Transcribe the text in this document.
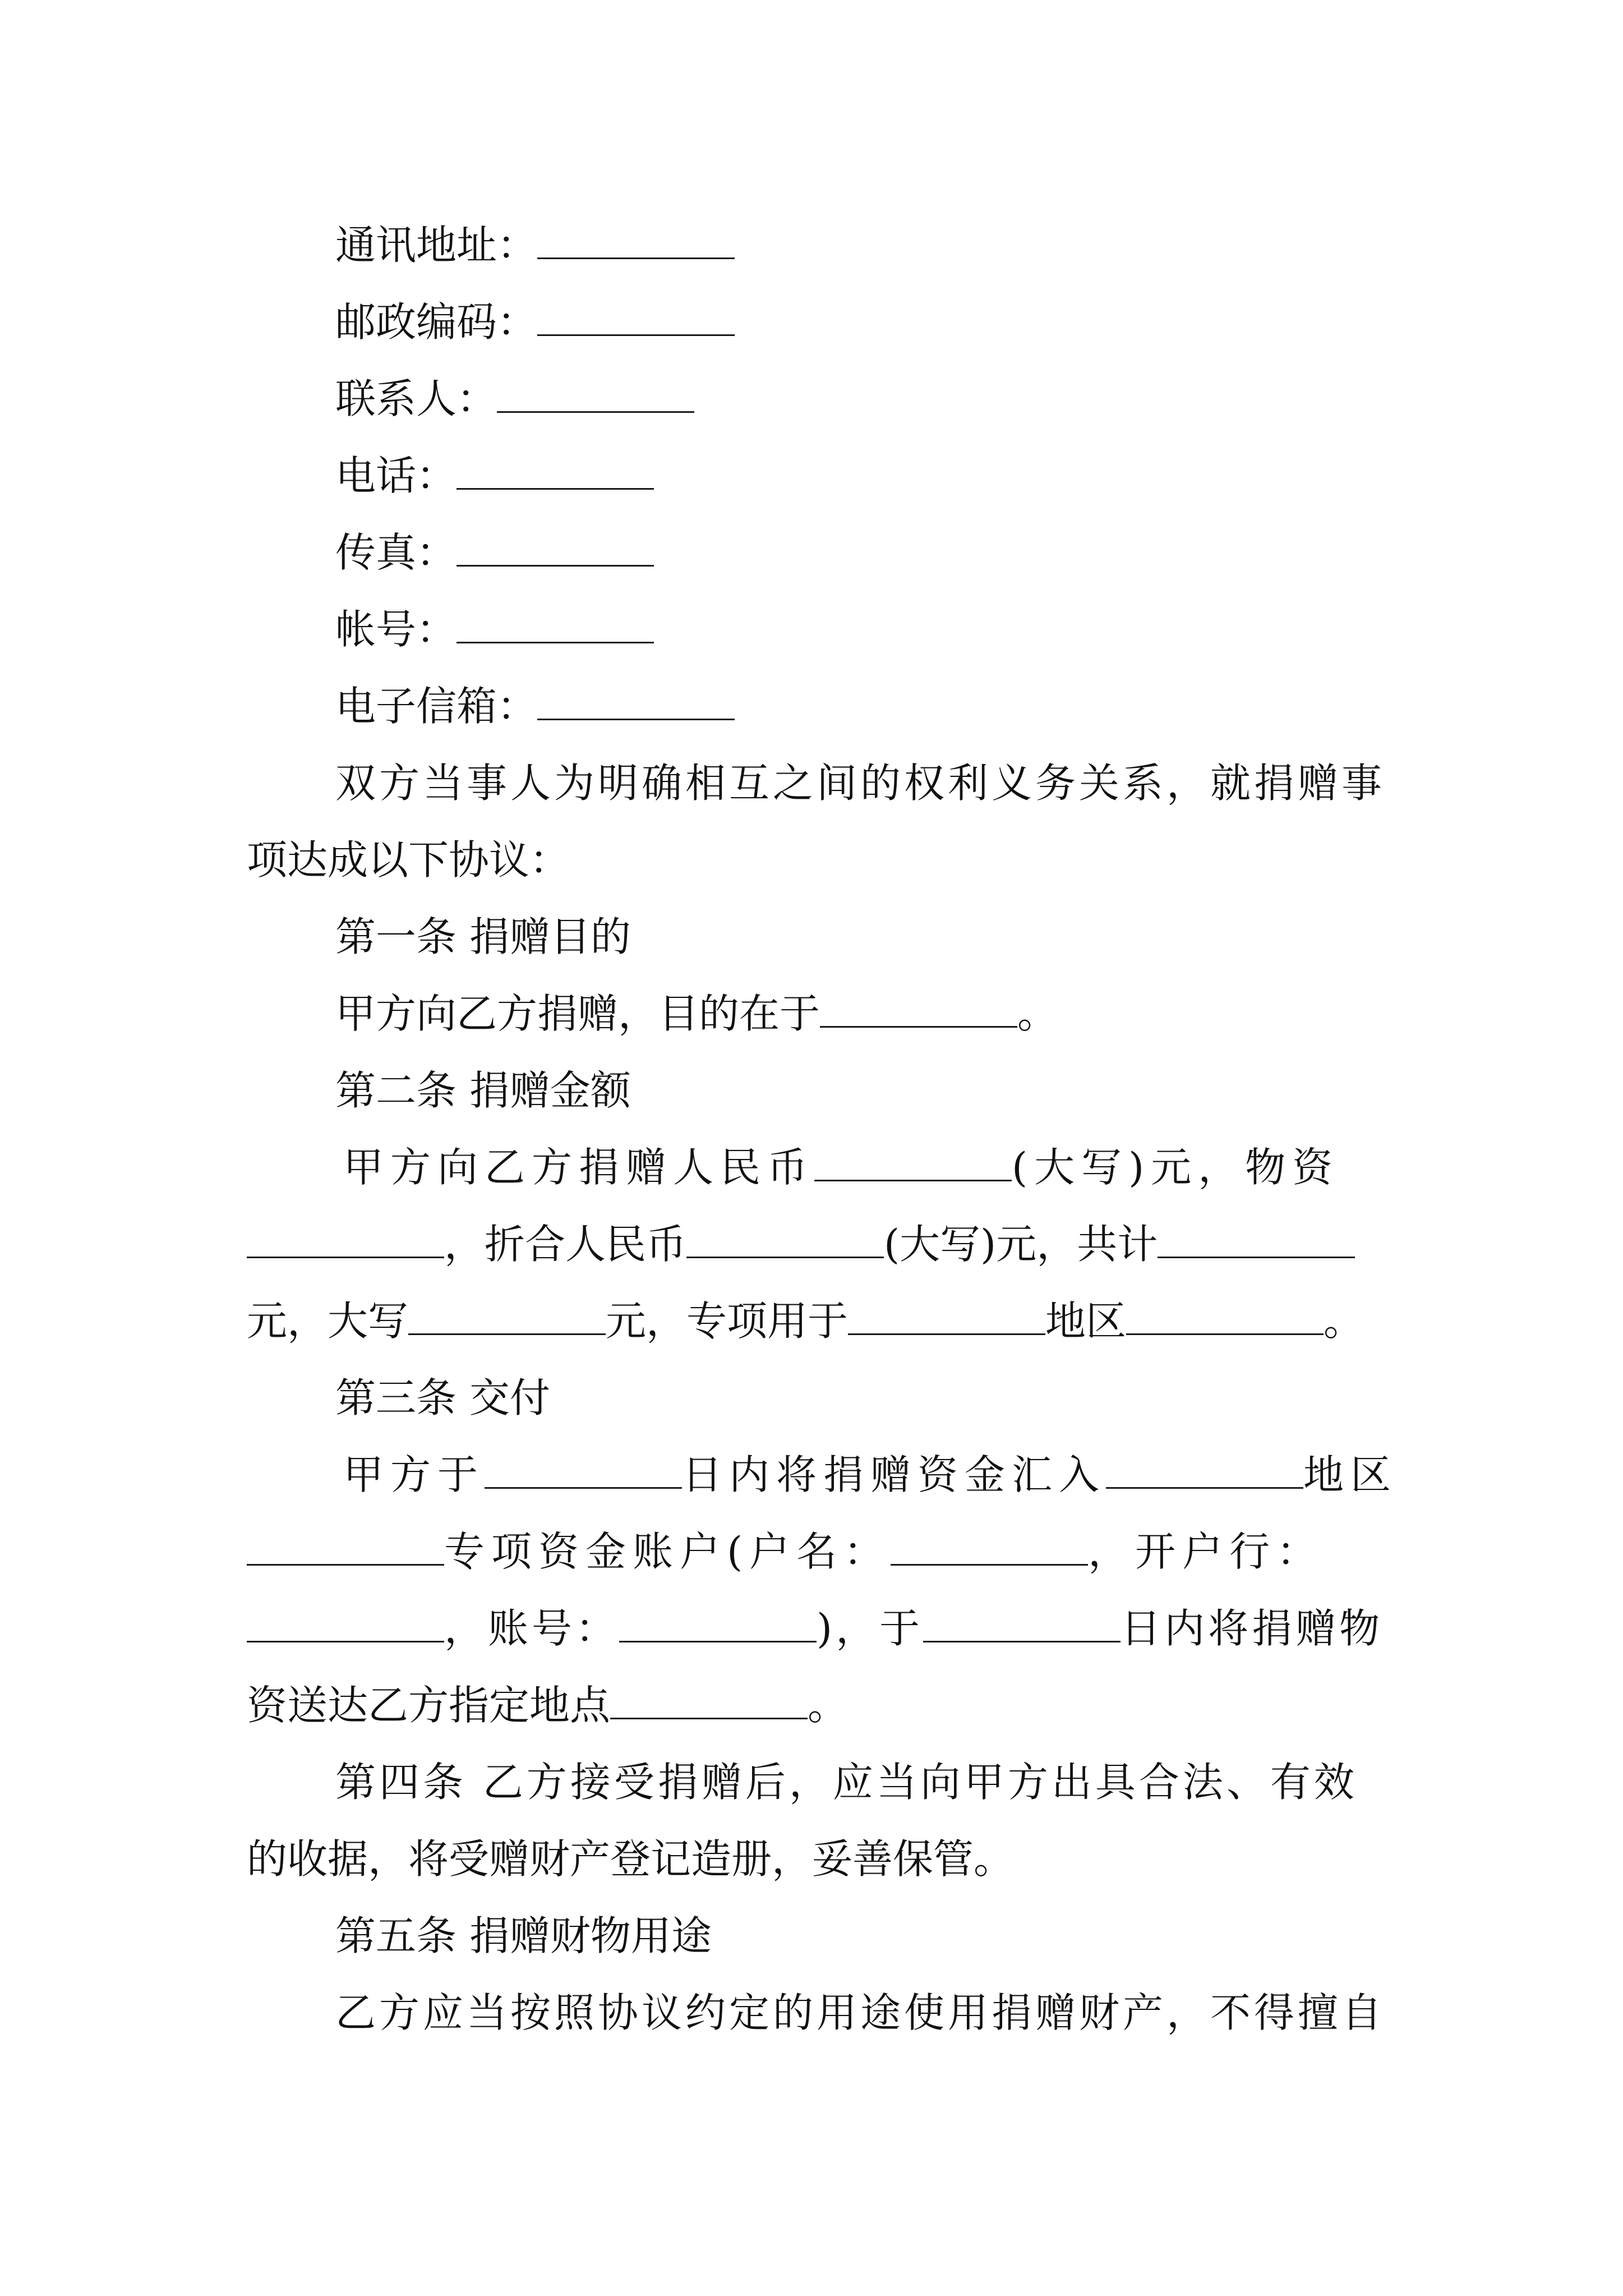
通讯地址：

邮政编码：

联系人：

电话：

传真：

帐号：

电子信箱：

双方当事人为明确相互之间的权利义务关系，就捐赠事

项达成以下协议：

第一条 捐赠目的

甲方向乙方捐赠，目的在于	。

第二条 捐赠金额

甲方向乙方捐赠人民币	(大写)元，物资

，折合人民币	(大写)元，共计

元，大写	元，专项用于	地区	。

第三条 交付

甲方于	日内将捐赠资金汇入	地区

专项资金账户(户名：	，开户行：

，账号：	)，于	日内将捐赠物

资送达乙方指定地点	。

第四条 乙方接受捐赠后，应当向甲方出具合法、有效

的收据，将受赠财产登记造册，妥善保管。

第五条 捐赠财物用途

乙方应当按照协议约定的用途使用捐赠财产，不得擅自
